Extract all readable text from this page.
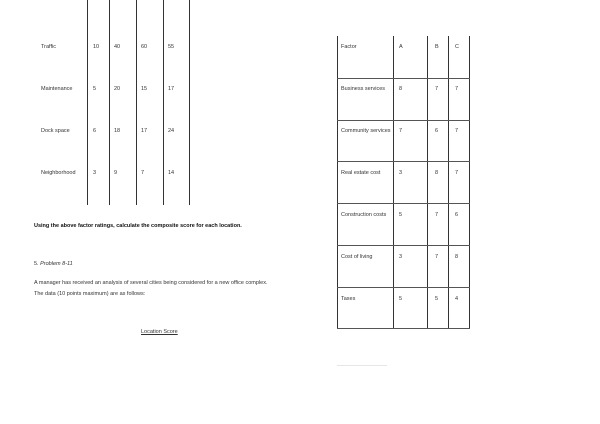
Traffic	10	40	60	55
Maintenance	5	20	15	17
Dock space	6	18	17	24
Neighborhood	3	9	7	14
Using the above factor ratings, calculate the composite score for each location.
5. Problem 8-11
A manager has received an analysis of several cities being considered for a new office complex.
The data (10 points maximum) are as follows:
Location Score
Factor	A	B	C
Business services	8	7	7
Community services 7	6	7
Real estate cost	3	8	7
Construction costs 5	7	6
Cost of living	3	7	8
Taxes	5	5	4
